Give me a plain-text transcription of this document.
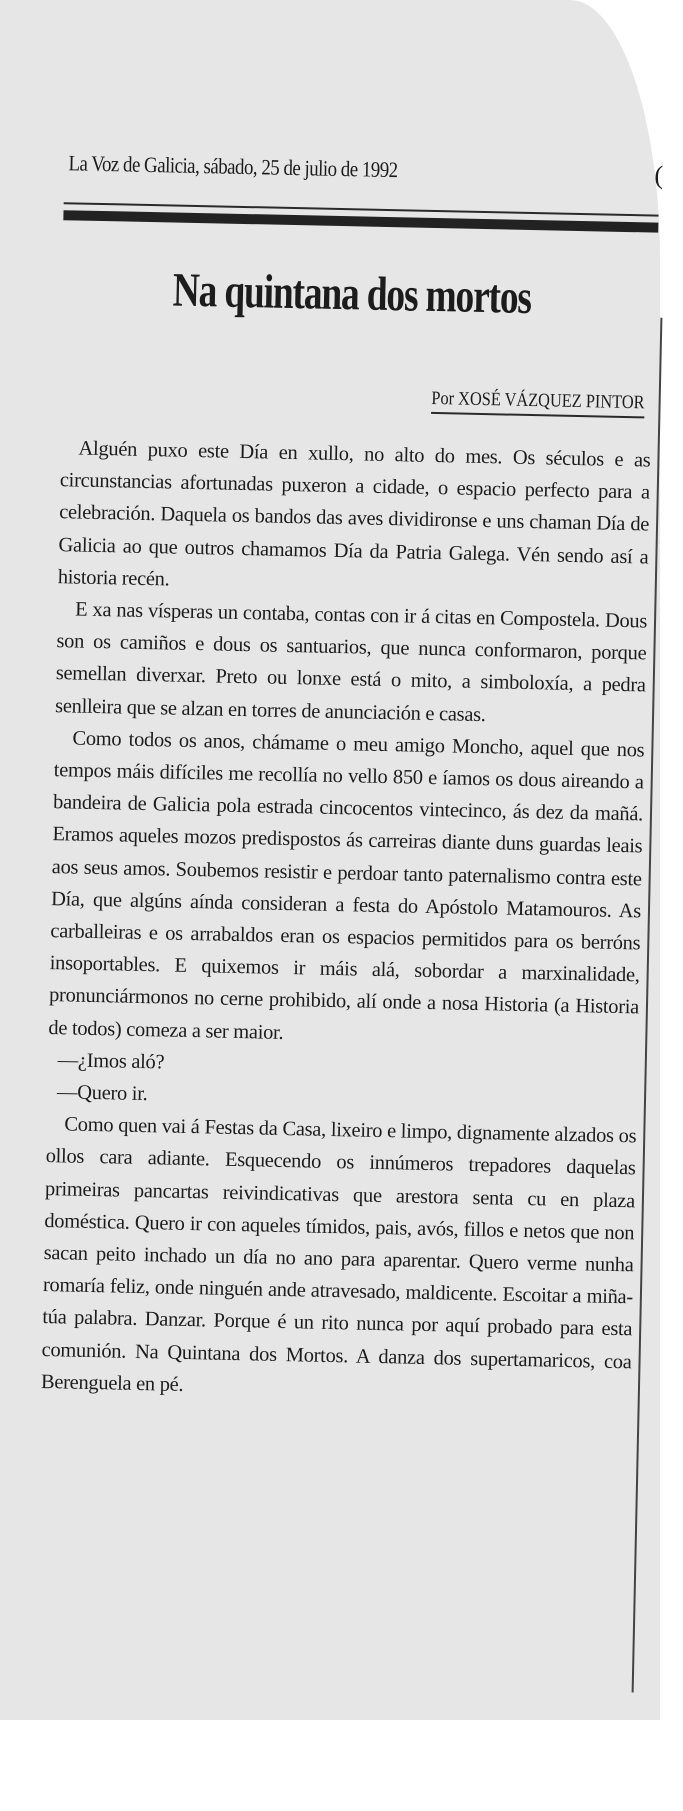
La Voz de Galicia, sábado, 25 de julio de 1992	(
Na quintana dos mortos
Por XOSÉ VÁZQUEZ PINTOR

Alguén puxo este Día en xullo, no alto do mes. Os séculos e as circunstancias afortunadas puxeron a cidade, o espacio perfecto para a celebración. Daquela os bandos das aves dividironse e uns chaman Día de Galicia ao que outros chamamos Día da Patria Galega. Vén sendo así a historia recén.

E xa nas vísperas un contaba, contas con ir á citas en Compostela. Dous son os camiños e dous os santuarios, que nunca conformaron, porque semellan diverxar. Preto ou lonxe está o mito, a simboloxía, a pedra senlleira que se alzan en torres de anunciación e casas.

Como todos os anos, chámame o meu amigo Moncho, aquel que nos tempos máis difíciles me recollía no vello 850 e íamos os dous aireando a bandeira de Galicia pola estrada cincocentos vintecinco, ás dez da mañá. Eramos aqueles mozos predispostos ás carreiras diante duns guardas leais aos seus amos. Soubemos resistir e perdoar tanto paternalismo contra este Día, que algúns aínda consideran a festa do Apóstolo Matamouros. As carballeiras e os arrabaldos eran os espacios permitidos para os berróns insoportables. E quixemos ir máis alá, sobordar a marxinalidade, pronunciármonos no cerne prohibido, alí onde a nosa Historia (a Historia de todos) comeza a ser maior.

—¿Imos aló?

—Quero ir.

Como quen vai á Festas da Casa, lixeiro e limpo, dignamente alzados os ollos cara adiante. Esquecendo os innúmeros trepadores daquelas primeiras pancartas reivindicativas que arestora senta cu en plaza doméstica. Quero ir con aqueles tímidos, pais, avós, fillos e netos que non sacan peito inchado un día no ano para aparentar. Quero verme nunha romaría feliz, onde ninguén ande atravesado, maldicente. Escoitar a miña-túa palabra. Danzar. Porque é un rito nunca por aquí probado para esta comunión. Na Quintana dos Mortos. A danza dos supertamaricos, coa Berenguela en pé.
